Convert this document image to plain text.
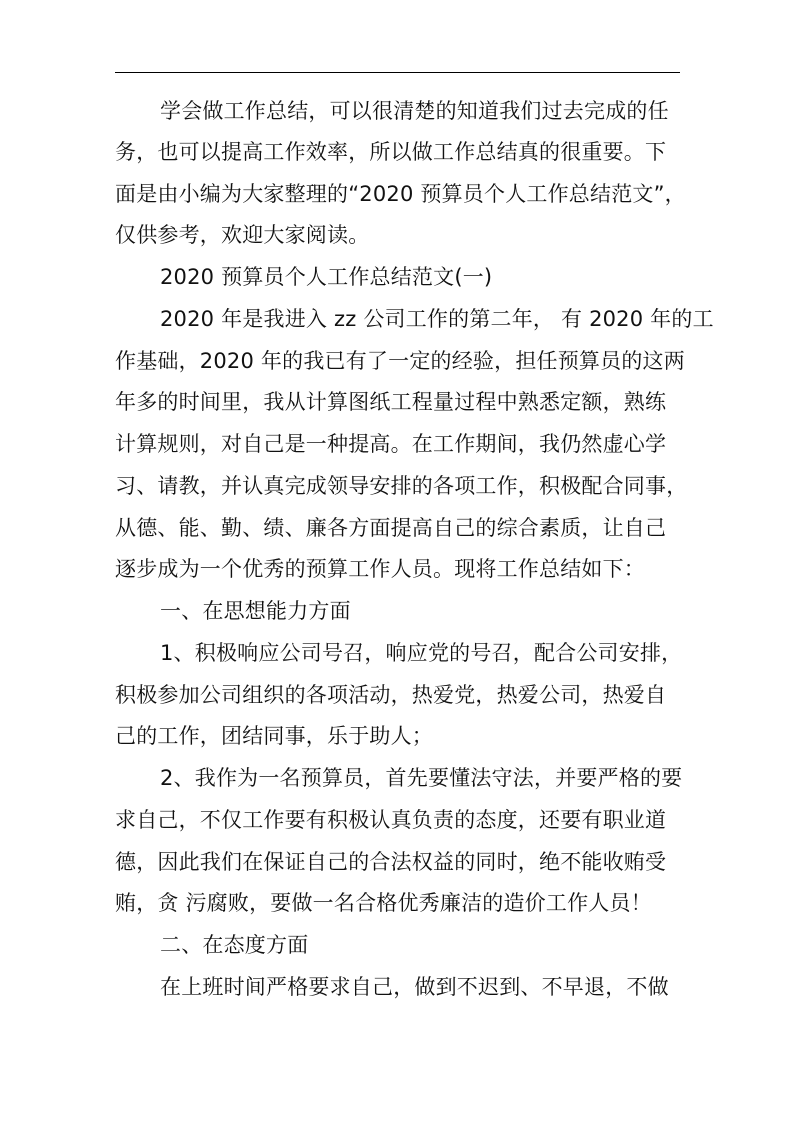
学会做工作总结，可以很清楚的知道我们过去完成的任
务，也可以提高工作效率，所以做工作总结真的很重要。下
面是由小编为大家整理的“2020 预算员个人工作总结范文”，
仅供参考，欢迎大家阅读。
2020 预算员个人工作总结范文(一)
2020 年是我进入 zz 公司工作的第二年， 有 2020 年的工
作基础，2020 年的我已有了一定的经验，担任预算员的这两
年多的时间里，我从计算图纸工程量过程中熟悉定额，熟练
计算规则，对自己是一种提高。在工作期间，我仍然虚心学
习、请教，并认真完成领导安排的各项工作，积极配合同事，
从德、能、勤、绩、廉各方面提高自己的综合素质，让自己
逐步成为一个优秀的预算工作人员。现将工作总结如下：
一、在思想能力方面
1、积极响应公司号召，响应党的号召，配合公司安排，
积极参加公司组织的各项活动，热爱党，热爱公司，热爱自
己的工作，团结同事，乐于助人；
2、我作为一名预算员，首先要懂法守法，并要严格的要
求自己，不仅工作要有积极认真负责的态度，还要有职业道
德，因此我们在保证自己的合法权益的同时，绝不能收贿受
贿，贪 污腐败，要做一名合格优秀廉洁的造价工作人员！
二、在态度方面
在上班时间严格要求自己，做到不迟到、不早退，不做
